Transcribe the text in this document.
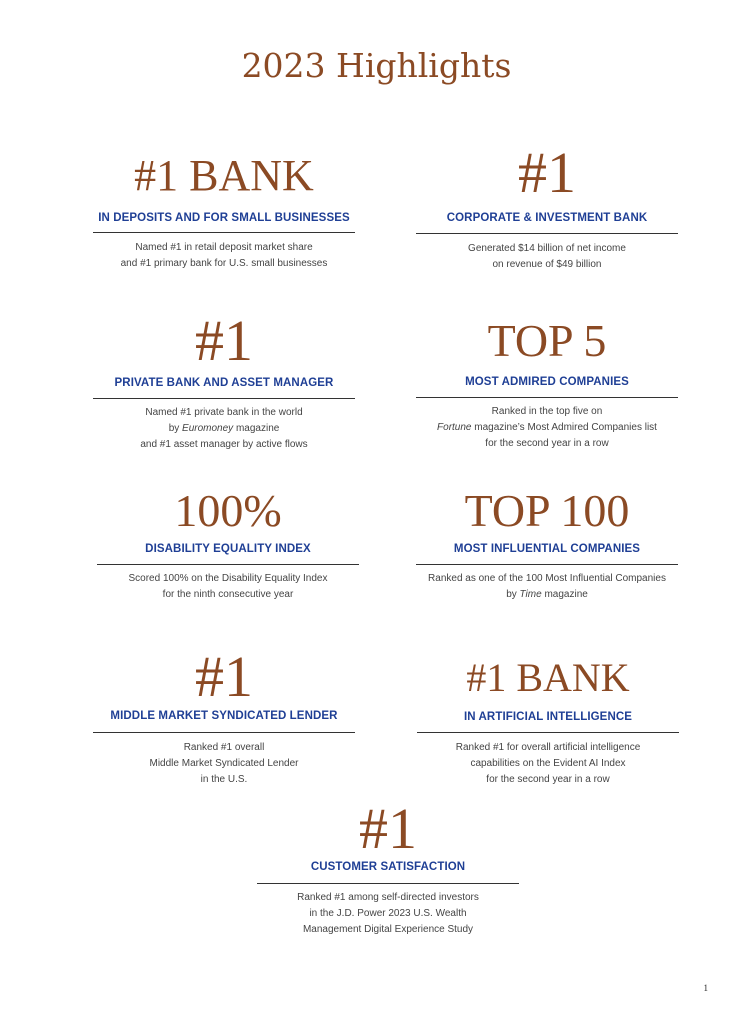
2023 Highlights
#1 BANK
IN DEPOSITS AND FOR SMALL BUSINESSES
Named #1 in retail deposit market share
and #1 primary bank for U.S. small businesses
#1
CORPORATE & INVESTMENT BANK
Generated $14 billion of net income
on revenue of $49 billion
#1
PRIVATE BANK AND ASSET MANAGER
Named #1 private bank in the world
by Euromoney magazine
and #1 asset manager by active flows
TOP 5
MOST ADMIRED COMPANIES
Ranked in the top five on
Fortune magazine’s Most Admired Companies list
for the second year in a row
100%
DISABILITY EQUALITY INDEX
Scored 100% on the Disability Equality Index
for the ninth consecutive year
TOP 100
MOST INFLUENTIAL COMPANIES
Ranked as one of the 100 Most Influential Companies
by Time magazine
#1
MIDDLE MARKET SYNDICATED LENDER
Ranked #1 overall
Middle Market Syndicated Lender
in the U.S.
#1 BANK
IN ARTIFICIAL INTELLIGENCE
Ranked #1 for overall artificial intelligence
capabilities on the Evident AI Index
for the second year in a row
#1
CUSTOMER SATISFACTION
Ranked #1 among self-directed investors
in the J.D. Power 2023 U.S. Wealth
Management Digital Experience Study
1
